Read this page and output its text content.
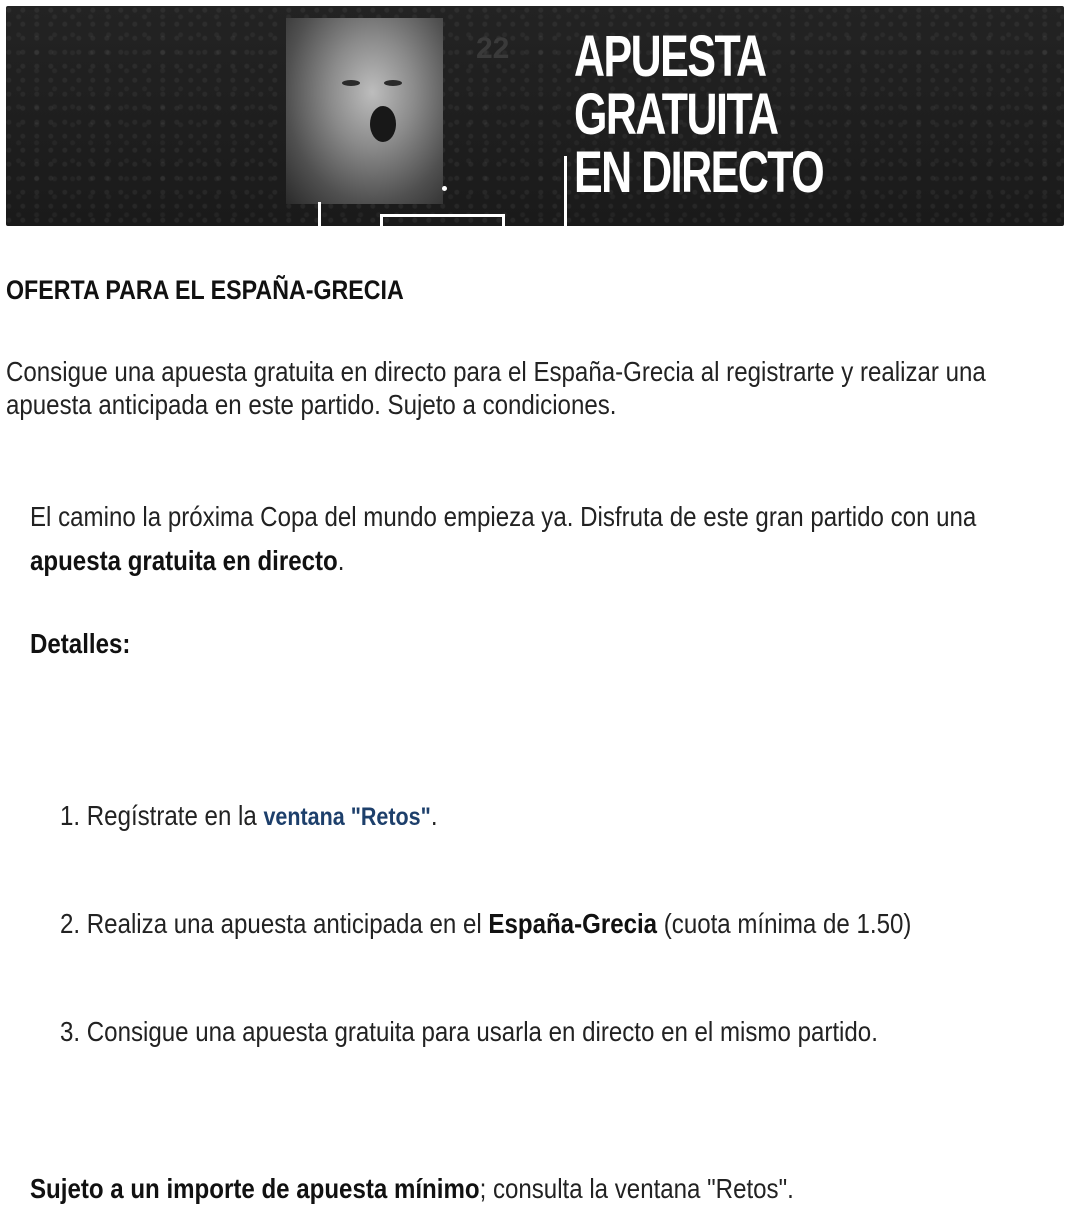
22 APUESTA
GRATUITA
EN DIRECTO
OFERTA PARA EL ESPAÑA-GRECIA
Consigue una apuesta gratuita en directo para el España-Grecia al registrarte y realizar una apuesta anticipada en este partido. Sujeto a condiciones.
El camino la próxima Copa del mundo empieza ya. Disfruta de este gran partido con una apuesta gratuita en directo.
Detalles:
1. Regístrate en la ventana "Retos".
2. Realiza una apuesta anticipada en el España-Grecia (cuota mínima de 1.50)
3. Consigue una apuesta gratuita para usarla en directo en el mismo partido.
Sujeto a un importe de apuesta mínimo; consulta la ventana "Retos".
